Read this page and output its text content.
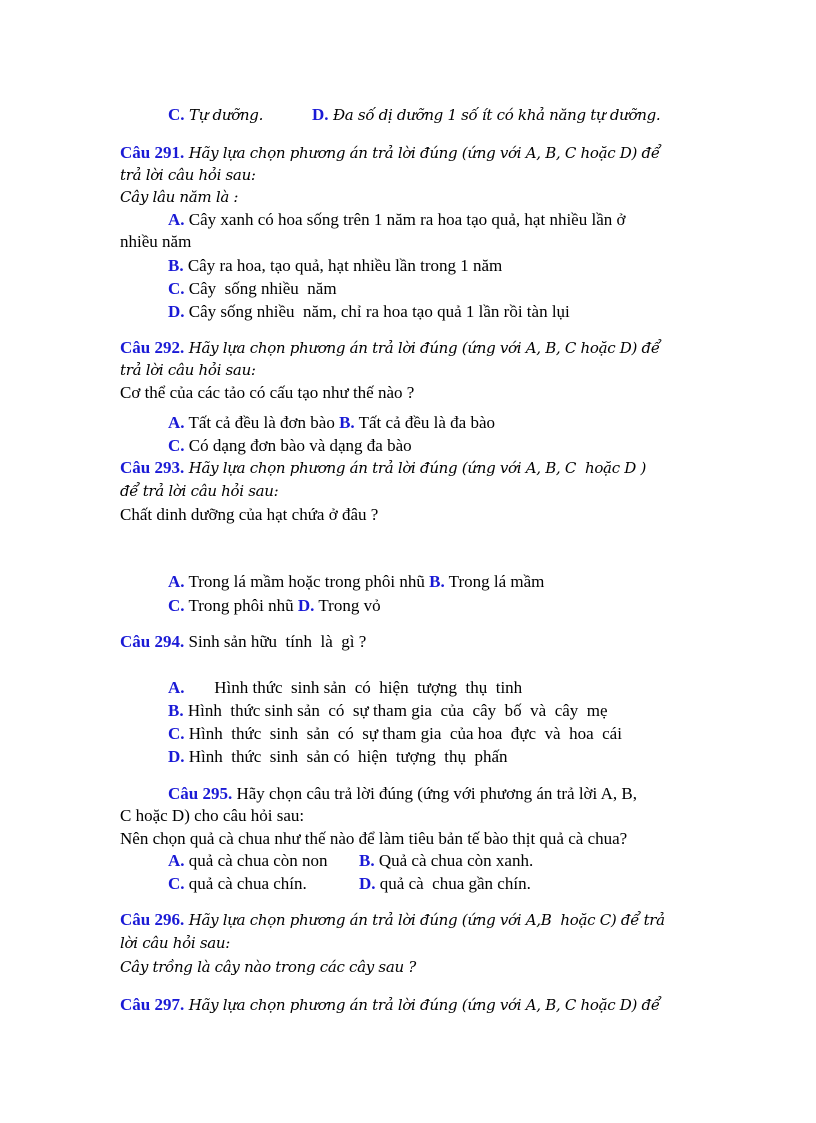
C. Tự dưỡng.	D. Đa số dị dưỡng 1 số ít có khả năng tự dưỡng.
Câu 291. Hãy lựa chọn phương án trả lời đúng (ứng với A, B, C hoặc D) để
trả lời câu hỏi sau:
Cây lâu năm là :
A. Cây xanh có hoa sống trên 1 năm ra hoa tạo quả, hạt nhiều lần ở
nhiều năm
B. Cây ra hoa, tạo quả, hạt nhiều lần trong 1 năm
C. Cây  sống nhiều  năm
D. Cây sống nhiều  năm, chỉ ra hoa tạo quả 1 lần rồi tàn lụi
Câu 292. Hãy lựa chọn phương án trả lời đúng (ứng với A, B, C hoặc D) để
trả lời câu hỏi sau:
Cơ thể của các tảo có cấu tạo như thế nào ?
A. Tất cả đều là đơn bào B. Tất cả đều là đa bào
C. Có dạng đơn bào và dạng đa bào
Câu 293. Hãy lựa chọn phương án trả lời đúng (ứng với A, B, C  hoặc D )
để trả lời câu hỏi sau:
Chất dinh dưỡng của hạt chứa ở đâu ?
A. Trong lá mầm hoặc trong phôi nhũ B. Trong lá mầm
C. Trong phôi nhũ D. Trong vỏ
Câu 294. Sinh sản hữu  tính  là  gì ?
A.       Hình thức  sinh sản  có  hiện  tượng  thụ  tinh
B. Hình  thức sinh sản  có  sự tham gia  của  cây  bố  và  cây  mẹ
C. Hình  thức  sinh  sản  có  sự tham gia  của hoa  đực  và  hoa  cái
D. Hình  thức  sinh  sản có  hiện  tượng  thụ  phấn
Câu 295. Hãy chọn câu trả lời đúng (ứng với phương án trả lời A, B,
C hoặc D) cho câu hỏi sau:
Nên chọn quả cà chua như thế nào để làm tiêu bản tế bào thịt quả cà chua?
A. quả cà chua còn non B. Quả cà chua còn xanh.
C. quả cà chua chín.	D. quả cà  chua gần chín.
Câu 296. Hãy lựa chọn phương án trả lời đúng (ứng với A,B  hoặc C) để trả
lời câu hỏi sau:
Cây trồng là cây nào trong các cây sau ?
Câu 297. Hãy lựa chọn phương án trả lời đúng (ứng với A, B, C hoặc D) để
